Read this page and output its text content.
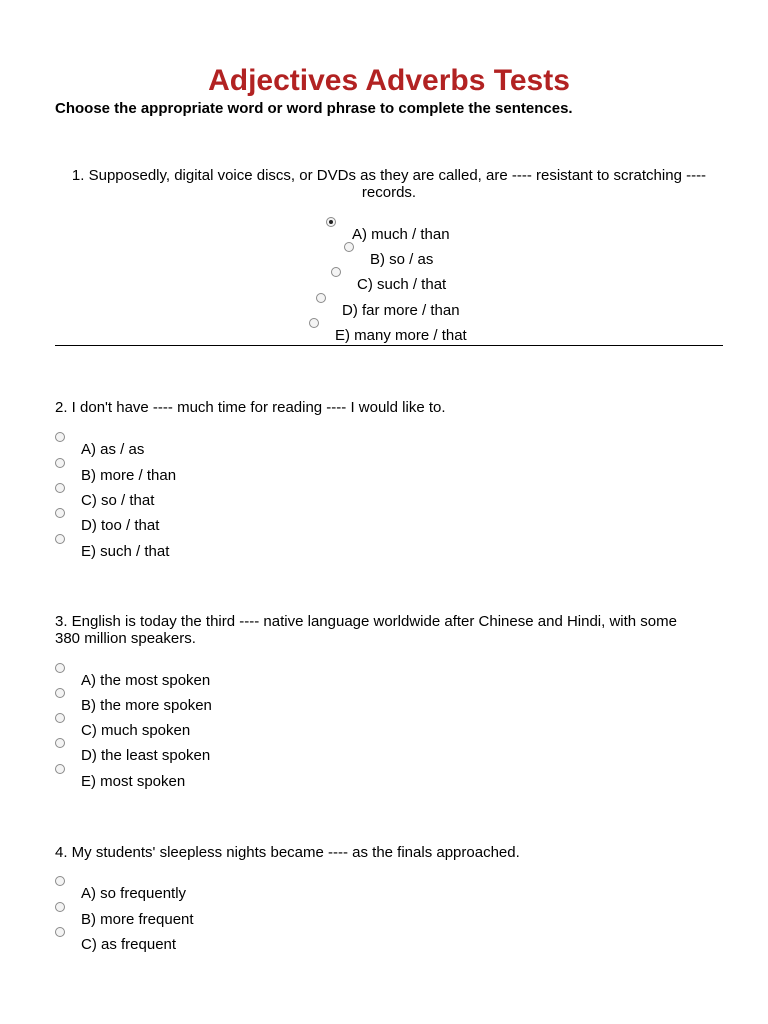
Adjectives Adverbs Tests
Choose the appropriate word or word phrase to complete the sentences.
1. Supposedly, digital voice discs, or DVDs as they are called, are ---- resistant to scratching ---- records.
A) much / than
B) so / as
C) such / that
D) far more / than
E) many more / that
2. I don't have ---- much time for reading ---- I would like to.
A) as / as
B) more / than
C) so / that
D) too / that
E) such / that
3. English is today the third ---- native language worldwide after Chinese and Hindi, with some 380 million speakers.
A) the most spoken
B) the more spoken
C) much spoken
D) the least spoken
E) most spoken
4. My students' sleepless nights became ---- as the finals approached.
A) so frequently
B) more frequent
C) as frequent
